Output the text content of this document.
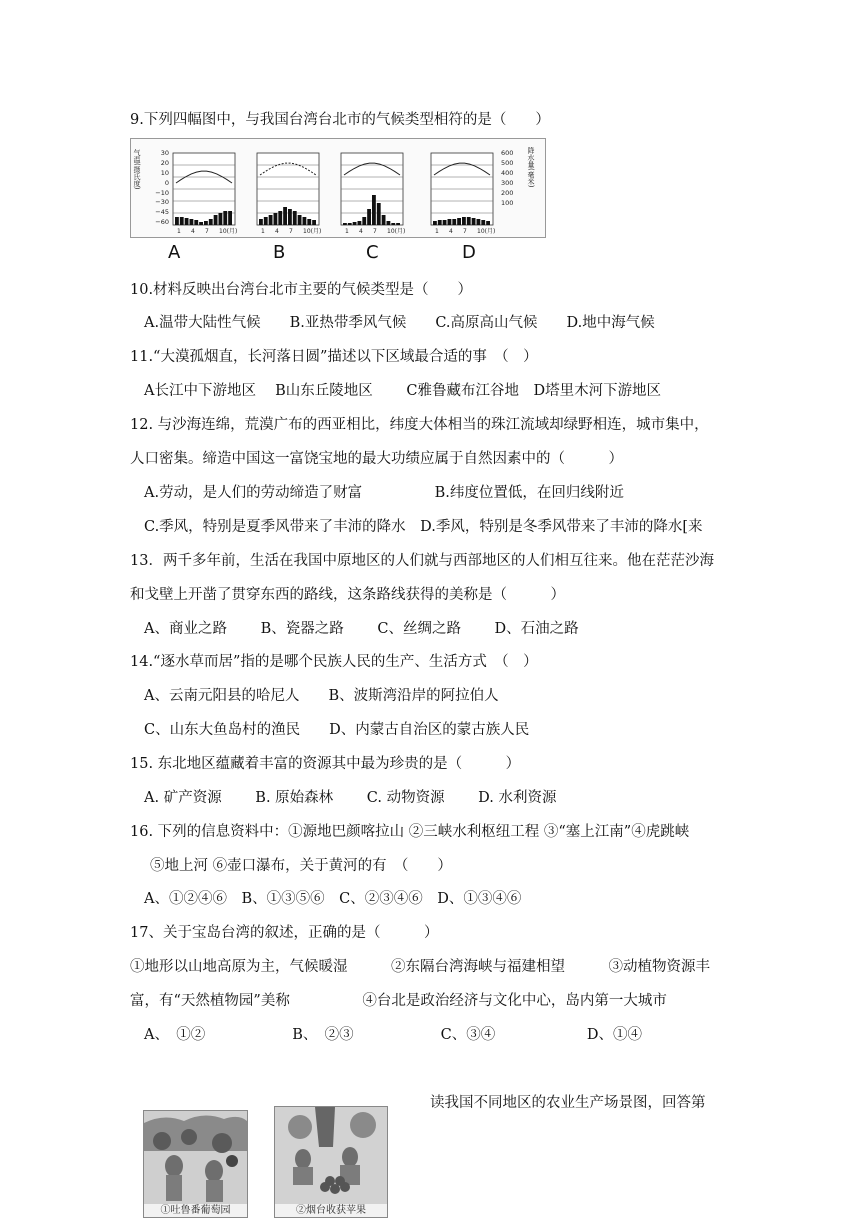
9.下列四幅图中，与我国台湾台北市的气候类型相符的是（　　）
气温(摄氏度)	30
20
10
0
−10
−30
−45
−60
600
500
400
300
200
100
降水量(毫米)
1 4 7 10(月)	1 4 7 10(月)	1 4 7 10(月)	1 4 7 10(月)
10.材料反映出台湾台北市主要的气候类型是（　　）
A.温带大陆性气候　　B.亚热带季风气候　　C.高原高山气候　　D.地中海气候
11.“大漠孤烟直，长河落日圆”描述以下区域最合适的事　（　）
A长江中下游地区　 B山东丘陵地区　　 C雅鲁藏布江谷地　D塔里木河下游地区
12. 与沙海连绵，荒漠广布的西亚相比，纬度大体相当的珠江流域却绿野相连，城市集中，
人口密集。缔造中国这一富饶宝地的最大功绩应属于自然因素中的（　　　）
A.劳动，是人们的劳动缔造了财富　　　　　B.纬度位置低，在回归线附近
C.季风，特别是夏季风带来了丰沛的降水　D.季风，特别是冬季风带来了丰沛的降水[来
13．两千多年前，生活在我国中原地区的人们就与西部地区的人们相互往来。他在茫茫沙海
和戈壁上开凿了贯穿东西的路线，这条路线获得的美称是（　　　）
A、商业之路　　 B、瓷器之路　　 C、丝绸之路　　 D、石油之路
14.“逐水草而居”指的是哪个民族人民的生产、生活方式　（　）
A、云南元阳县的哈尼人　　B、波斯湾沿岸的阿拉伯人
C、山东大鱼岛村的渔民　　D、内蒙古自治区的蒙古族人民
15. 东北地区蕴藏着丰富的资源其中最为珍贵的是（　　　）
A. 矿产资源　　 B. 原始森林　　 C. 动物资源　　 D. 水利资源
16. 下列的信息资料中：①源地巴颜喀拉山 ②三峡水利枢纽工程 ③“塞上江南”④虎跳峡
⑤地上河 ⑥壶口瀑布，关于黄河的有　（　　）
A、①②④⑥　B、①③⑤⑥　C、②③④⑥　D、①③④⑥
17、关于宝岛台湾的叙述，正确的是（　　　）
①地形以山地高原为主，气候暖湿　　　②东隔台湾海峡与福建相望　　　③动植物资源丰
富，有“天然植物园”美称　　　　　④台北是政治经济与文化中心，岛内第一大城市
A、　①②　　　　　　B、　②③　　　　　　C、③④　　　　　　 D、①④
读我国不同地区的农业生产场景图，回答第
①吐鲁番葡萄园	②烟台收获苹果
A	B	C	D
